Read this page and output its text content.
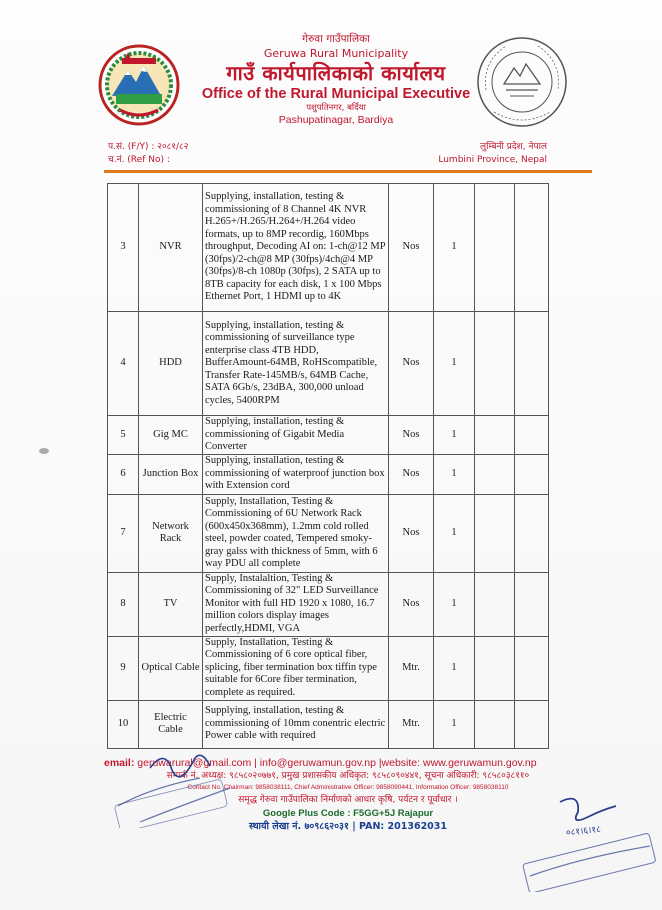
गेरुवा गाउँपालिका
Geruwa Rural Municipality
गाउँ कार्यपालिकाको कार्यालय
Office of the Rural Municipal Executive
पशुपतिनगर, बर्दिया
Pashupatinagar, Bardiya
प.सं. (F/Y) : २०८१/८२
च.नं. (Ref No) :
लुम्बिनी प्रदेश, नेपाल
Lumbini Province, Nepal
3	NVR	Supplying, installation, testing & commissioning of 8 Channel 4K NVR H.265+/H.265/H.264+/H.264 video formats, up to 8MP recordig, 160Mbps throughput, Decoding AI on: 1-ch@12 MP (30fps)/2-ch@8 MP (30fps)/4ch@4 MP (30fps)/8-ch 1080p (30fps), 2 SATA up to 8TB capacity for each disk, 1 x 100 Mbps Ethernet Port, 1 HDMI up to 4K	Nos	1		
4	HDD	Supplying, installation, testing & commissioning of surveillance type enterprise class 4TB HDD, BufferAmount-64MB, RoHScompatible, Transfer Rate-145MB/s, 64MB Cache, SATA 6Gb/s, 23dBA, 300,000 unload cycles, 5400RPM	Nos	1		
5	Gig MC	Supplying, installation, testing & commissioning of Gigabit Media Converter	Nos	1		
6	Junction Box	Supplying, installation, testing & commissioning of waterproof junction box with Extension cord	Nos	1		
7	Network Rack	Supply, Installation, Testing & Commissioning of 6U Network Rack (600x450x368mm), 1.2mm cold rolled steel, powder coated, Tempered smoky-gray galss with thickness of 5mm, with 6 way PDU all complete	Nos	1		
8	TV	Supply, Instalaltion, Testing & Commissioning of 32" LED Surveillance Monitor with full HD 1920 x 1080, 16.7 million colors display images perfectly,HDMI, VGA	Nos	1		
9	Optical Cable	Supply, Installation, Testing & Commissioning of 6 core optical fiber, splicing, fiber termination box tiffin type suitable for 6Core fiber termination, complete as required.	Mtr.	1		
10	Electric Cable	Supplying, installation, testing & commissioning of 10mm conentric electric Power cable with required	Mtr.	1		
email: geruwarural@gmail.com | info@geruwamun.gov.np |website: www.geruwamun.gov.np
सम्पर्क नं. अध्यक्ष: ९८५८०२०७७१, प्रमुख प्रशासकीय अधिकृत: ९८५८०९०४४१, सूचना अधिकारी: ९८५८०३८११०
Contact No. Chairman: 9858038111, Chief Administrative Officer: 9858090441, Information Officer: 9858038110
समृद्ध गेरुवा गाउँपालिका निर्माणको आधार कृषि, पर्यटन र पूर्वाधार ।
Google Plus Code : F5GG+5J Rajapur
स्थायी लेखा नं. ७०९८६२०३१ | PAN: 201362031	०८१।६।१८
